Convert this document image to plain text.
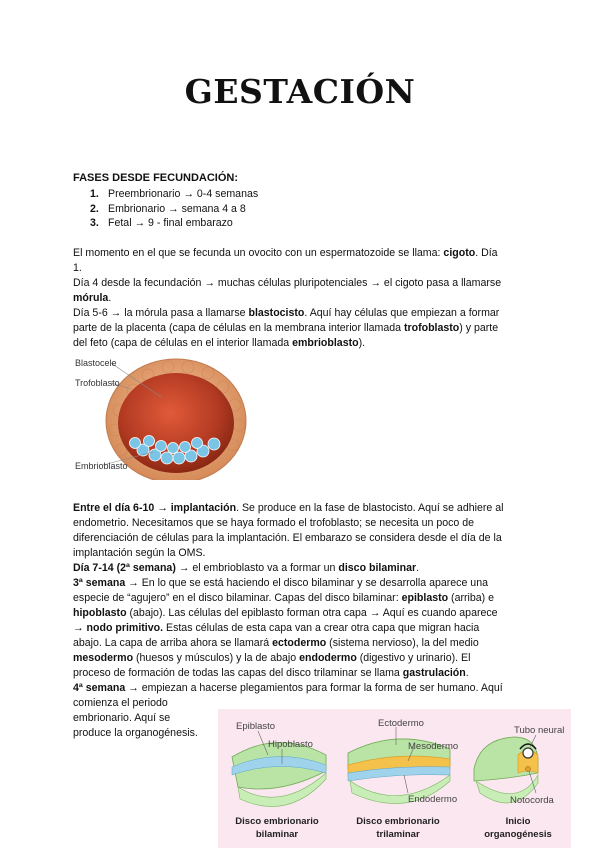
GESTACIÓN
FASES DESDE FECUNDACIÓN:
1. Preembrionario → 0-4 semanas
2. Embrionario → semana 4 a 8
3. Fetal → 9 - final embarazo
El momento en el que se fecunda un ovocito con un espermatozoide se llama: cigoto. Día
1.
Día 4 desde la fecundación → muchas células pluripotenciales → el cigoto pasa a llamarse
mórula.
Día 5-6 → la mórula pasa a llamarse blastocisto. Aquí hay células que empiezan a formar
parte de la placenta (capa de células en la membrana interior llamada trofoblasto) y parte
del feto (capa de células en el interior llamada embrioblasto).
Blastocele
Trofoblasto
Embrioblasto
Entre el día 6-10 → implantación. Se produce en la fase de blastocisto. Aquí se adhiere al
endometrio. Necesitamos que se haya formado el trofoblasto; se necesita un poco de
diferenciación de células para la implantación. El embarazo se considera desde el día de la
implantación según la OMS.
Día 7-14 (2ª semana) → el embrioblasto va a formar un disco bilaminar.
3ª semana → En lo que se está haciendo el disco bilaminar y se desarrolla aparece una
especie de “agujero” en el disco bilaminar. Capas del disco bilaminar: epiblasto (arriba) e
hipoblasto (abajo). Las células del epiblasto forman otra capa → Aquí es cuando aparece
→ nodo primitivo. Estas células de esta capa van a crear otra capa que migran hacia
abajo. La capa de arriba ahora se llamará ectodermo (sistema nervioso), la del medio
mesodermo (huesos y músculos) y la de abajo endodermo (digestivo y urinario). El
proceso de formación de todas las capas del disco trilaminar se llama gastrulación.
4ª semana → empiezan a hacerse plegamientos para formar la forma de ser humano. Aquí
comienza el periodo
embrionario. Aquí se
produce la organogénesis.
Epiblasto
Hipoblasto
Disco embrionario
bilaminar
Ectodermo
Mesodermo
Endodermo
Disco embrionario
trilaminar
Tubo neural
Notocorda
Inicio
organogénesis
